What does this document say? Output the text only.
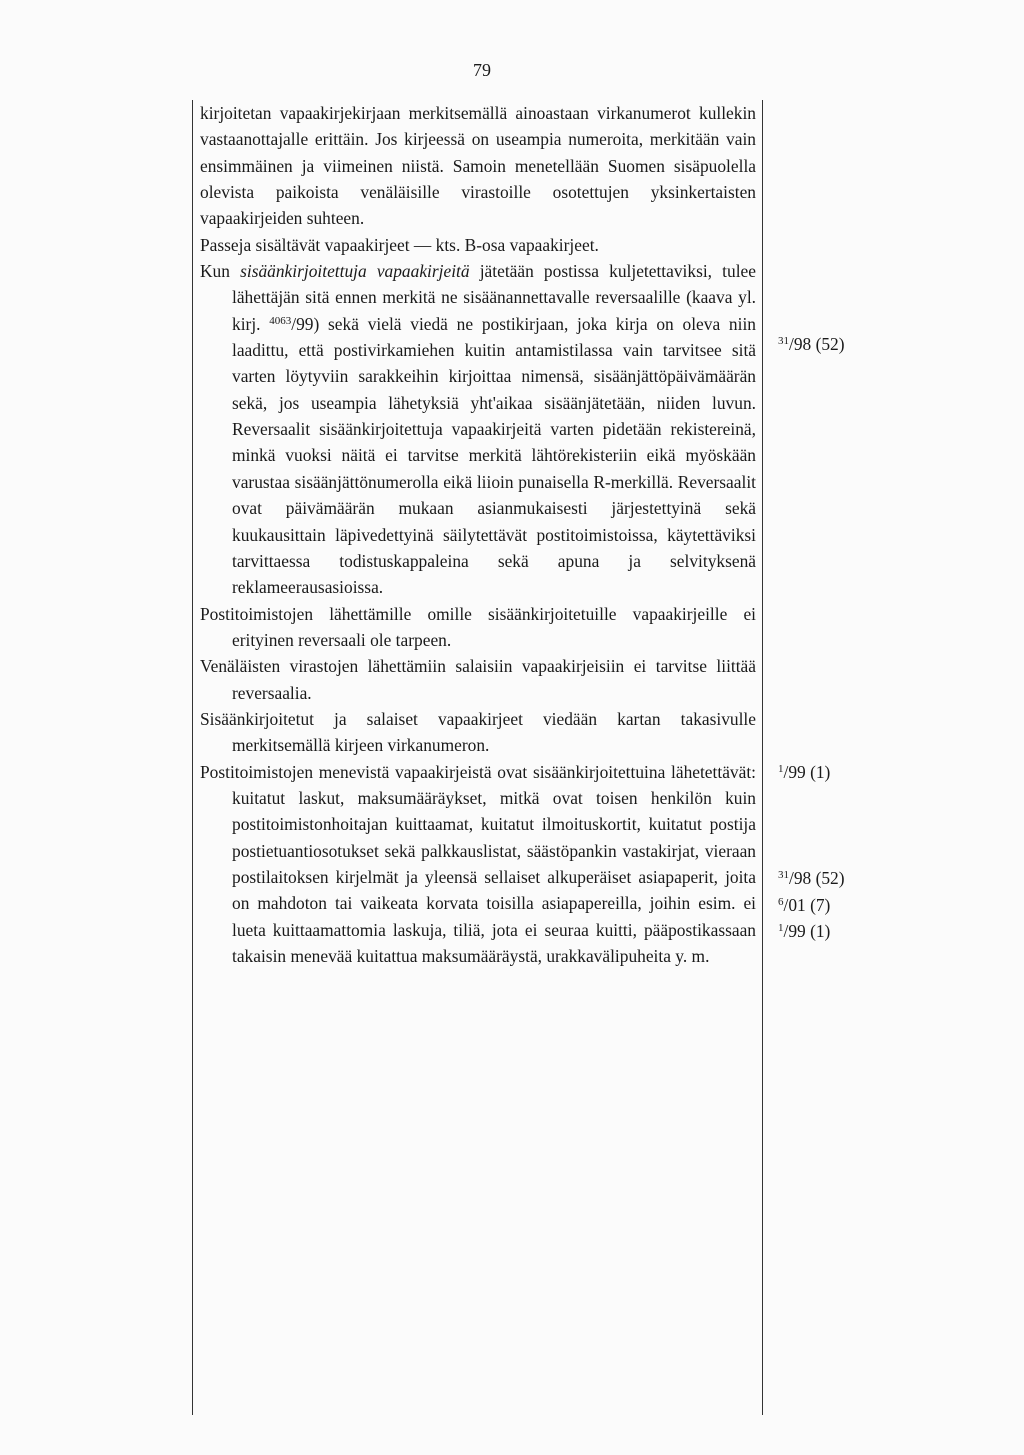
79

kirjoitetan vapaakirjekirjaan merkitsemällä ainoastaan virkanumerot kullekin vastaanottajalle erittäin. Jos kirjeessä on useampia numeroita, merkitään vain ensimmäinen ja viimeinen niistä. Samoin menetellään Suomen sisäpuolella olevista paikoista venäläisille virastoille osotettujen yksinkertaisten vapaakirjeiden suhteen.

Passeja sisältävät vapaakirjeet — kts. B-osa vapaakirjeet.

Kun sisäänkirjoitettuja vapaakirjeitä jätetään postissa kuljetettaviksi, tulee lähettäjän sitä ennen merkitä ne sisäänannettavalle reversaalille (kaava yl. kirj. $^{4063}$/99) sekä vielä viedä ne postikirjaan, joka kirja on oleva niin laadittu, että postivirkamiehen kuitin antamistilassa vain tarvitsee sitä varten löytyviin sarakkeihin kirjoittaa nimensä, sisäänjättöpäivämäärän sekä, jos useampia lähetyksiä yht'aikaa sisäänjätetään, niiden luvun. Reversaalit sisäänkirjoitettuja vapaakirjeitä varten pidetään rekistereinä, minkä vuoksi näitä ei tarvitse merkitä lähtörekisteriin eikä myöskään varustaa sisäänjättönumerolla eikä liioin punaisella R-merkillä. Reversaalit ovat päivämäärän mukaan asianmukaisesti järjestettyinä sekä kuukausittain läpivedettyinä säilytettävät postitoimistoissa, käytettäviksi tarvittaessa todistuskappaleina sekä apuna ja selvityksenä reklameerausasioissa.

Postitoimistojen lähettämille omille sisäänkirjoitetuille vapaakirjeille ei erityinen reversaali ole tarpeen.

Venäläisten virastojen lähettämiin salaisiin vapaakirjeisiin ei tarvitse liittää reversaalia.

Sisäänkirjoitetut ja salaiset vapaakirjeet viedään kartan takasivulle merkitsemällä kirjeen virkanumeron.

Postitoimistojen menevistä vapaakirjeistä ovat sisäänkirjoitettuina lähetettävät: kuitatut laskut, maksumääräykset, mitkä ovat toisen henkilön kuin postitoimistonhoitajan kuittaamat, kuitatut ilmoituskortit, kuitatut postija postietuantiosotukset sekä palkkauslistat, säästöpankin vastakirjat, vieraan postilaitoksen kirjelmät ja yleensä sellaiset alkuperäiset asiapaperit, joita on mahdoton tai vaikeata korvata toisilla asiapapereilla, joihin esim. ei lueta kuittaamattomia laskuja, tiliä, jota ei seuraa kuitti, pääpostikassaan takaisin menevää kuitattua maksumääräystä, urakkavälipuheita y. m.

$^{31}$/98 (52)
$^1$/99 (1)
$^{31}$/98 (52)
$^6$/01 (7)
$^1$/99 (1)
